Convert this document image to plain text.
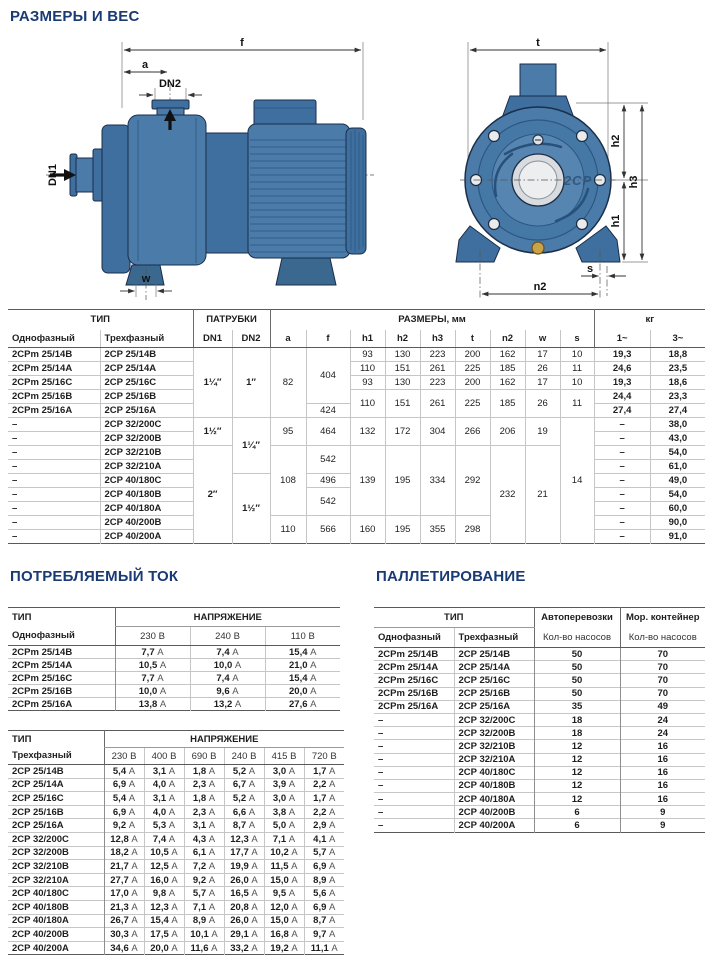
РАЗМЕРЫ И ВЕС
f
a
DN2
DN1
w
2CP
t
h2
h1
h3
s
n2
ТИП		ПАТРУБКИ		РАЗМЕРЫ, мм									кг	
Однофазный	Трехфазный	DN1	DN2	a	f	h1	h2	h3	t	n2	w	s	1~	3~
2CPm 25/14B	2CP 25/14B	1¼″	1″	82	404	93	130	223	200	162	17	10	19,3	18,8
2CPm 25/14A	2CP 25/14A					110	151	261	225	185	26	11	24,6	23,5
2CPm 25/16C	2CP 25/16C					93	130	223	200	162	17	10	19,3	18,6
2CPm 25/16B	2CP 25/16B					110	151	261	225	185	26	11	24,4	23,3
2CPm 25/16A	2CP 25/16A				424								27,4	27,4
–	2CP 32/200C	1½″	1¼″	95	464	132	172	304	266	206	19	14	–	38,0
–	2CP 32/200B												–	43,0
–	2CP 32/210B	2″		108	542	139	195	334	292	232	21		–	54,0
–	2CP 32/210A												–	61,0
–	2CP 40/180C		1½″		496								–	49,0
–	2CP 40/180B				542								–	54,0
–	2CP 40/180A												–	60,0
–	2CP 40/200B			110	566	160	195	355	298				–	90,0
–	2CP 40/200A												–	91,0
ПОТРЕБЛЯЕМЫЙ ТОК
ТИП	НАПРЯЖЕНИЕ		
Однофазный	230 В	240 В	110 В
2CPm 25/14B	7,7 A	7,4 A	15,4 A
2CPm 25/14A	10,5 A	10,0 A	21,0 A
2CPm 25/16C	7,7 A	7,4 A	15,4 A
2CPm 25/16B	10,0 A	9,6 A	20,0 A
2CPm 25/16A	13,8 A	13,2 A	27,6 A
ТИП	НАПРЯЖЕНИЕ					
Трехфазный	230 В	400 В	690 В	240 В	415 В	720 В
2CP 25/14B	5,4 A	3,1 A	1,8 A	5,2 A	3,0 A	1,7 A
2CP 25/14A	6,9 A	4,0 A	2,3 A	6,7 A	3,9 A	2,2 A
2CP 25/16C	5,4 A	3,1 A	1,8 A	5,2 A	3,0 A	1,7 A
2CP 25/16B	6,9 A	4,0 A	2,3 A	6,6 A	3,8 A	2,2 A
2CP 25/16A	9,2 A	5,3 A	3,1 A	8,7 A	5,0 A	2,9 A
2CP 32/200C	12,8 A	7,4 A	4,3 A	12,3 A	7,1 A	4,1 A
2CP 32/200B	18,2 A	10,5 A	6,1 A	17,7 A	10,2 A	5,7 A
2CP 32/210B	21,7 A	12,5 A	7,2 A	19,9 A	11,5 A	6,9 A
2CP 32/210A	27,7 A	16,0 A	9,2 A	26,0 A	15,0 A	8,9 A
2CP 40/180C	17,0 A	9,8 A	5,7 A	16,5 A	9,5 A	5,6 A
2CP 40/180B	21,3 A	12,3 A	7,1 A	20,8 A	12,0 A	6,9 A
2CP 40/180A	26,7 A	15,4 A	8,9 A	26,0 A	15,0 A	8,7 A
2CP 40/200B	30,3 A	17,5 A	10,1 A	29,1 A	16,8 A	9,7 A
2CP 40/200A	34,6 A	20,0 A	11,6 A	33,2 A	19,2 A	11,1 A
ПАЛЛЕТИРОВАНИЕ
ТИП		Автоперевозки	Мор. контейнер
Однофазный	Трехфазный	Кол-во насосов	Кол-во насосов
2CPm 25/14B	2CP 25/14B	50	70
2CPm 25/14A	2CP 25/14A	50	70
2CPm 25/16C	2CP 25/16C	50	70
2CPm 25/16B	2CP 25/16B	50	70
2CPm 25/16A	2CP 25/16A	35	49
–	2CP 32/200C	18	24
–	2CP 32/200B	18	24
–	2CP 32/210B	12	16
–	2CP 32/210A	12	16
–	2CP 40/180C	12	16
–	2CP 40/180B	12	16
–	2CP 40/180A	12	16
–	2CP 40/200B	6	9
–	2CP 40/200A	6	9
